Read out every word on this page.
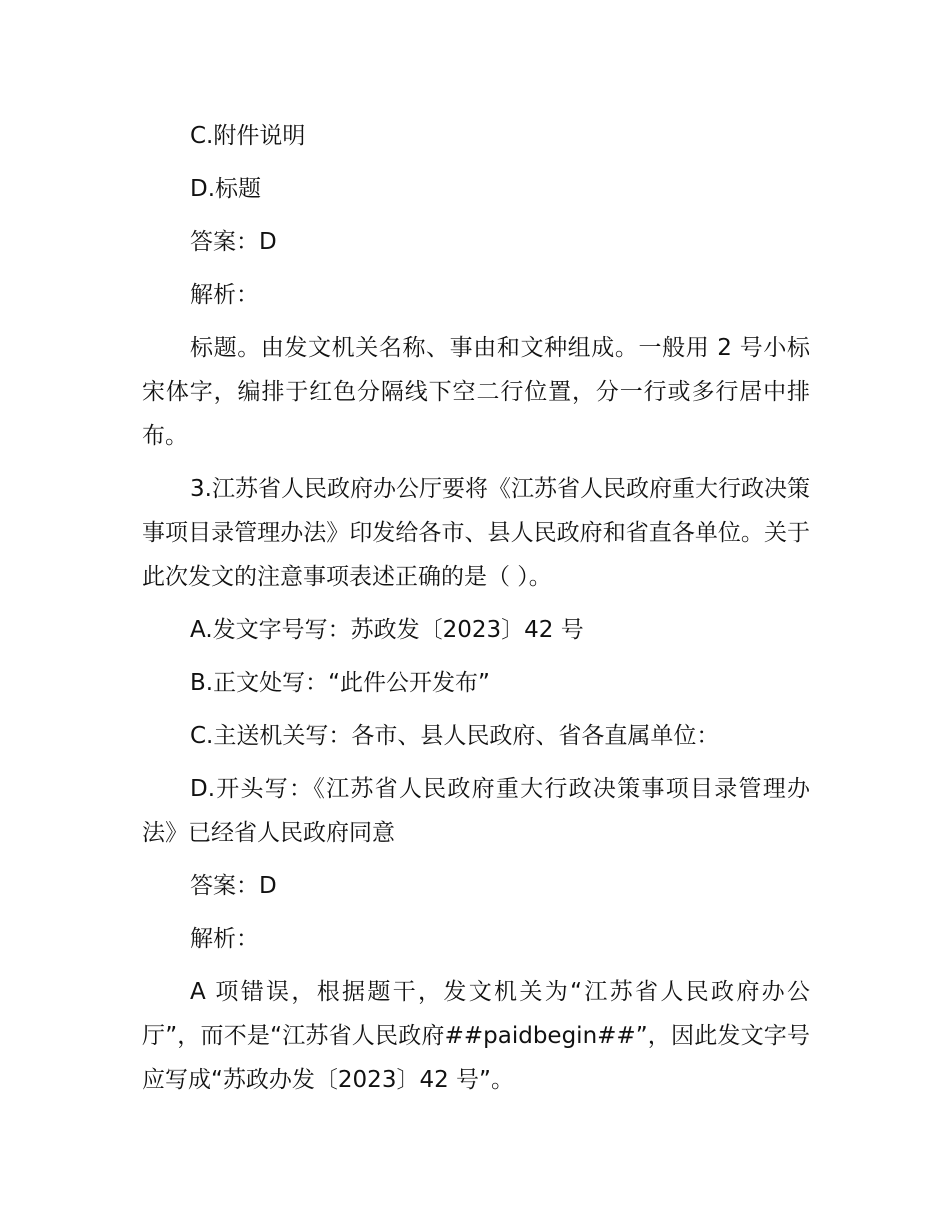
C.附件说明

D.标题

答案：D

解析：

标题。由发文机关名称、事由和文种组成。一般用 2 号小标宋体字，编排于红色分隔线下空二行位置，分一行或多行居中排布。

3.江苏省人民政府办公厅要将《江苏省人民政府重大行政决策事项目录管理办法》印发给各市、县人民政府和省直各单位。关于此次发文的注意事项表述正确的是（ ）。

A.发文字号写：苏政发〔2023〕42 号

B.正文处写：“此件公开发布”

C.主送机关写：各市、县人民政府、省各直属单位：

D.开头写：《江苏省人民政府重大行政决策事项目录管理办法》已经省人民政府同意

答案：D

解析：

A 项错误，根据题干，发文机关为“江苏省人民政府办公厅”，而不是“江苏省人民政府##paidbegin##”，因此发文字号应写成“苏政办发〔2023〕42 号”。
